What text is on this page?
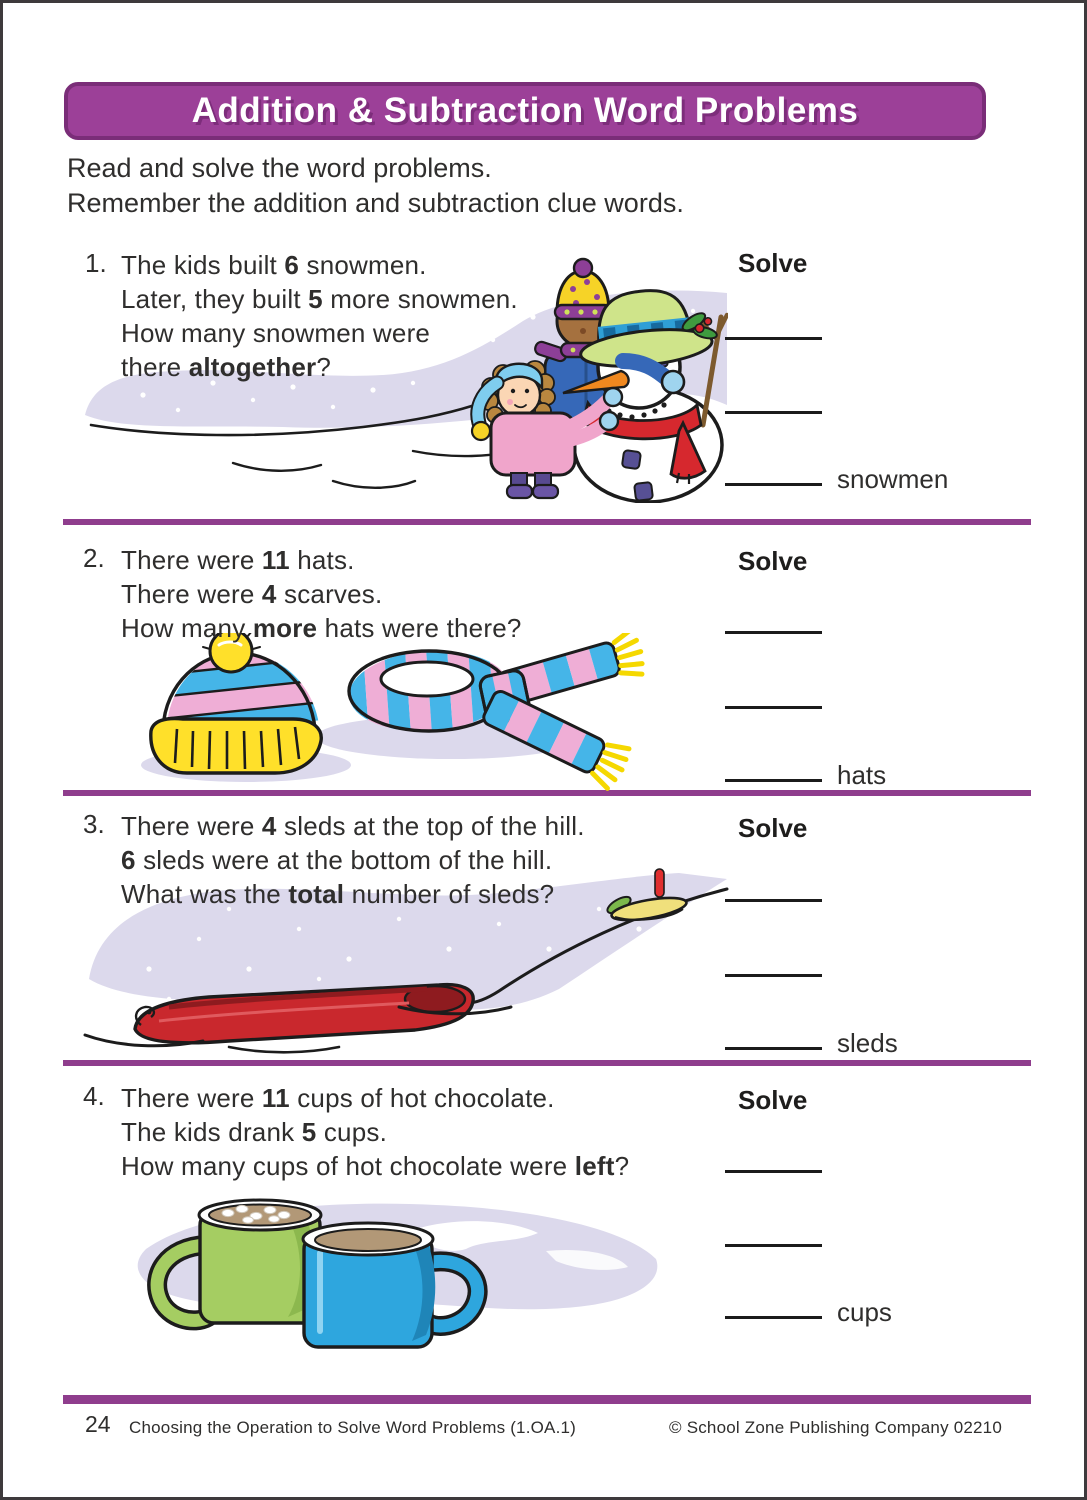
Addition & Subtraction Word Problems
Read and solve the word problems.
Remember the addition and subtraction clue words.
1. The kids built 6 snowmen.
Later, they built 5 more snowmen.
How many snowmen were
there altogether?
Solve
snowmen
2. There were 11 hats.
There were 4 scarves.
How many more hats were there?
Solve
hats
3. There were 4 sleds at the top of the hill.
6 sleds were at the bottom of the hill.
What was the total number of sleds?
Solve
sleds
4. There were 11 cups of hot chocolate.
The kids drank 5 cups.
How many cups of hot chocolate were left?
Solve
cups
24 Choosing the Operation to Solve Word Problems (1.OA.1)	© School Zone Publishing Company 02210
